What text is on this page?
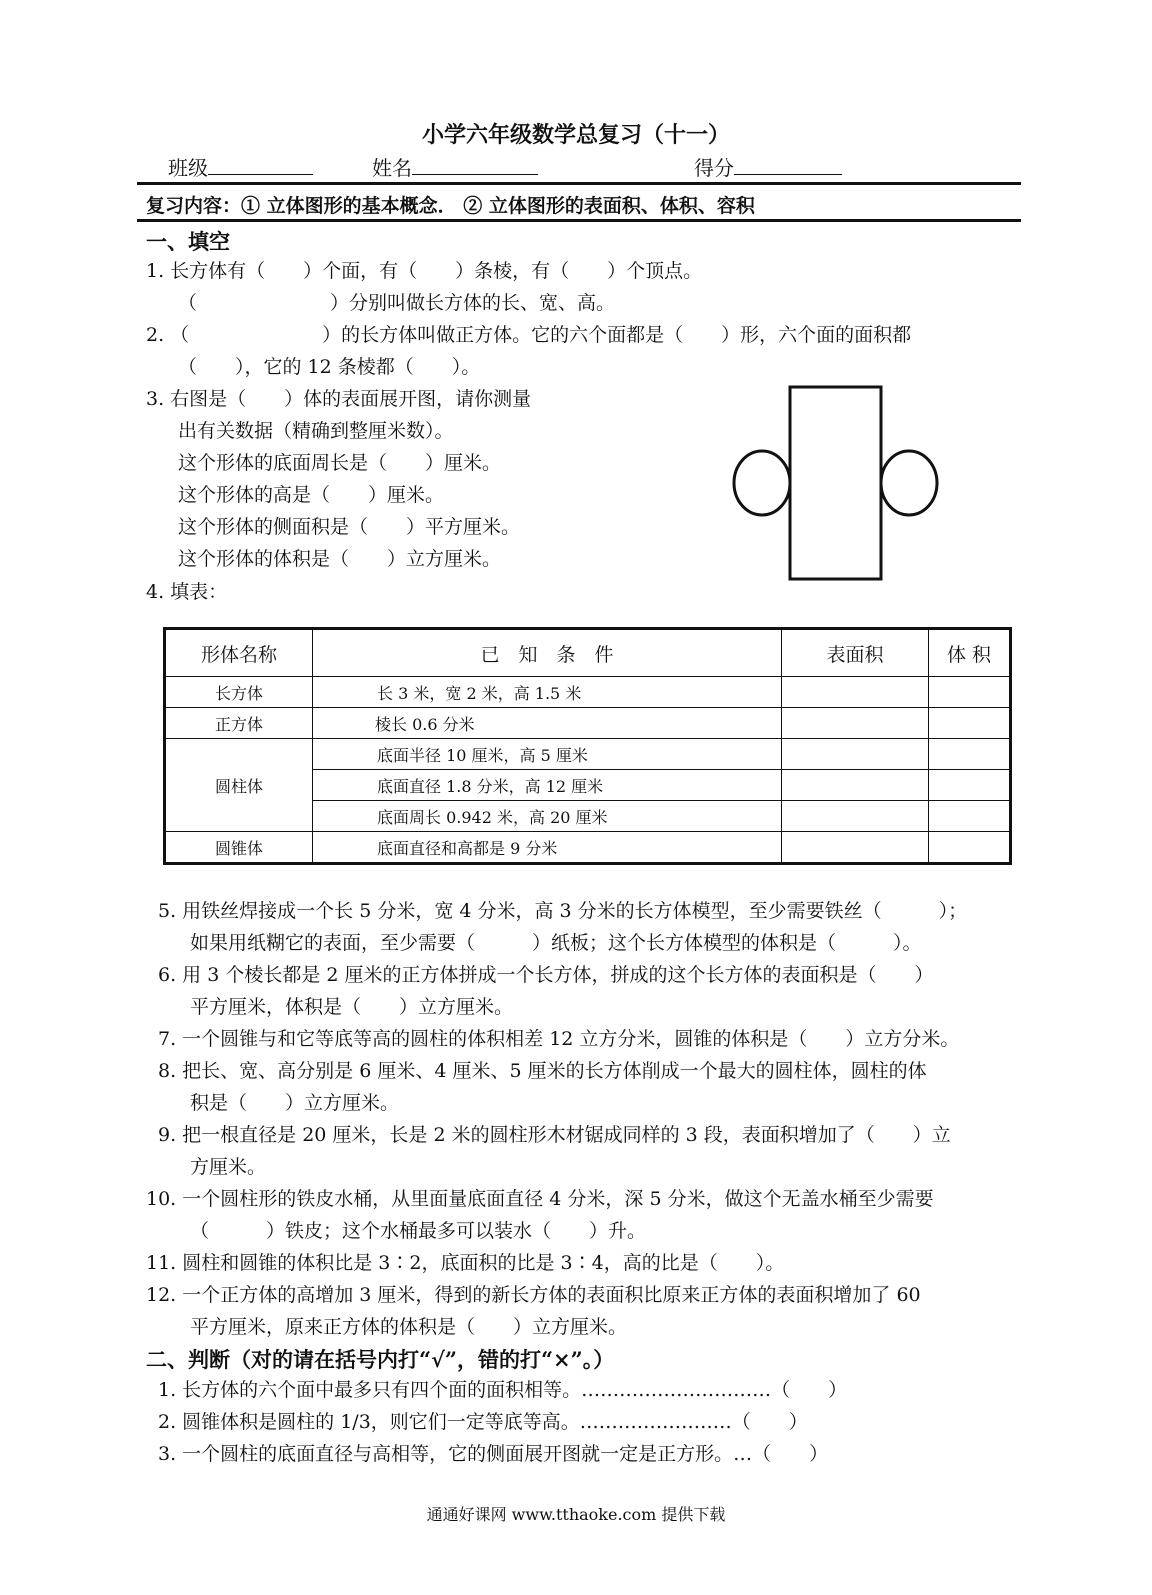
小学六年级数学总复习（十一）
班级	姓名	得分
复习内容：① 立体图形的基本概念． ② 立体图形的表面积、体积、容积
一、填空
1. 长方体有（　　）个面，有（　　）条棱，有（　　）个顶点。
（　　　　　　　）分别叫做长方体的长、宽、高。
2. （　　　　　　　）的长方体叫做正方体。它的六个面都是（　　）形，六个面的面积都
（　　），它的 12 条棱都（　　）。
3. 右图是（　　）体的表面展开图，请你测量
出有关数据（精确到整厘米数）。
这个形体的底面周长是（　　）厘米。
这个形体的高是（　　）厘米。
这个形体的侧面积是（　　）平方厘米。
这个形体的体积是（　　）立方厘米。
4. 填表：
形体名称	已　知　条　件	表面积	体 积
长方体	长 3 米，宽 2 米，高 1.5 米		
正方体	棱长 0.6 分米		
圆柱体	底面半径 10 厘米，高 5 厘米		
	底面直径 1.8 分米，高 12 厘米		
	底面周长 0.942 米，高 20 厘米		
圆锥体	底面直径和高都是 9 分米		
5. 用铁丝焊接成一个长 5 分米，宽 4 分米，高 3 分米的长方体模型，至少需要铁丝（　　　）；
如果用纸糊它的表面，至少需要（　　　）纸板；这个长方体模型的体积是（　　　）。
6. 用 3 个棱长都是 2 厘米的正方体拼成一个长方体，拼成的这个长方体的表面积是（　　）
平方厘米，体积是（　　）立方厘米。
7. 一个圆锥与和它等底等高的圆柱的体积相差 12 立方分米，圆锥的体积是（　　）立方分米。
8. 把长、宽、高分别是 6 厘米、4 厘米、5 厘米的长方体削成一个最大的圆柱体，圆柱的体
积是（　　）立方厘米。
9. 把一根直径是 20 厘米，长是 2 米的圆柱形木材锯成同样的 3 段，表面积增加了（　　）立
方厘米。
10. 一个圆柱形的铁皮水桶，从里面量底面直径 4 分米，深 5 分米，做这个无盖水桶至少需要
（　　　）铁皮；这个水桶最多可以装水（　　）升。
11. 圆柱和圆锥的体积比是 3∶2，底面积的比是 3∶4，高的比是（　　）。
12. 一个正方体的高增加 3 厘米，得到的新长方体的表面积比原来正方体的表面积增加了 60
平方厘米，原来正方体的体积是（　　）立方厘米。
二、判断（对的请在括号内打“√”，错的打“×”。）
1. 长方体的六个面中最多只有四个面的面积相等。…………………………（　　）
2. 圆锥体积是圆柱的 1/3，则它们一定等底等高。……………………（　　）
3. 一个圆柱的底面直径与高相等，它的侧面展开图就一定是正方形。…（　　）
通通好课网 www.tthaoke.com 提供下载
